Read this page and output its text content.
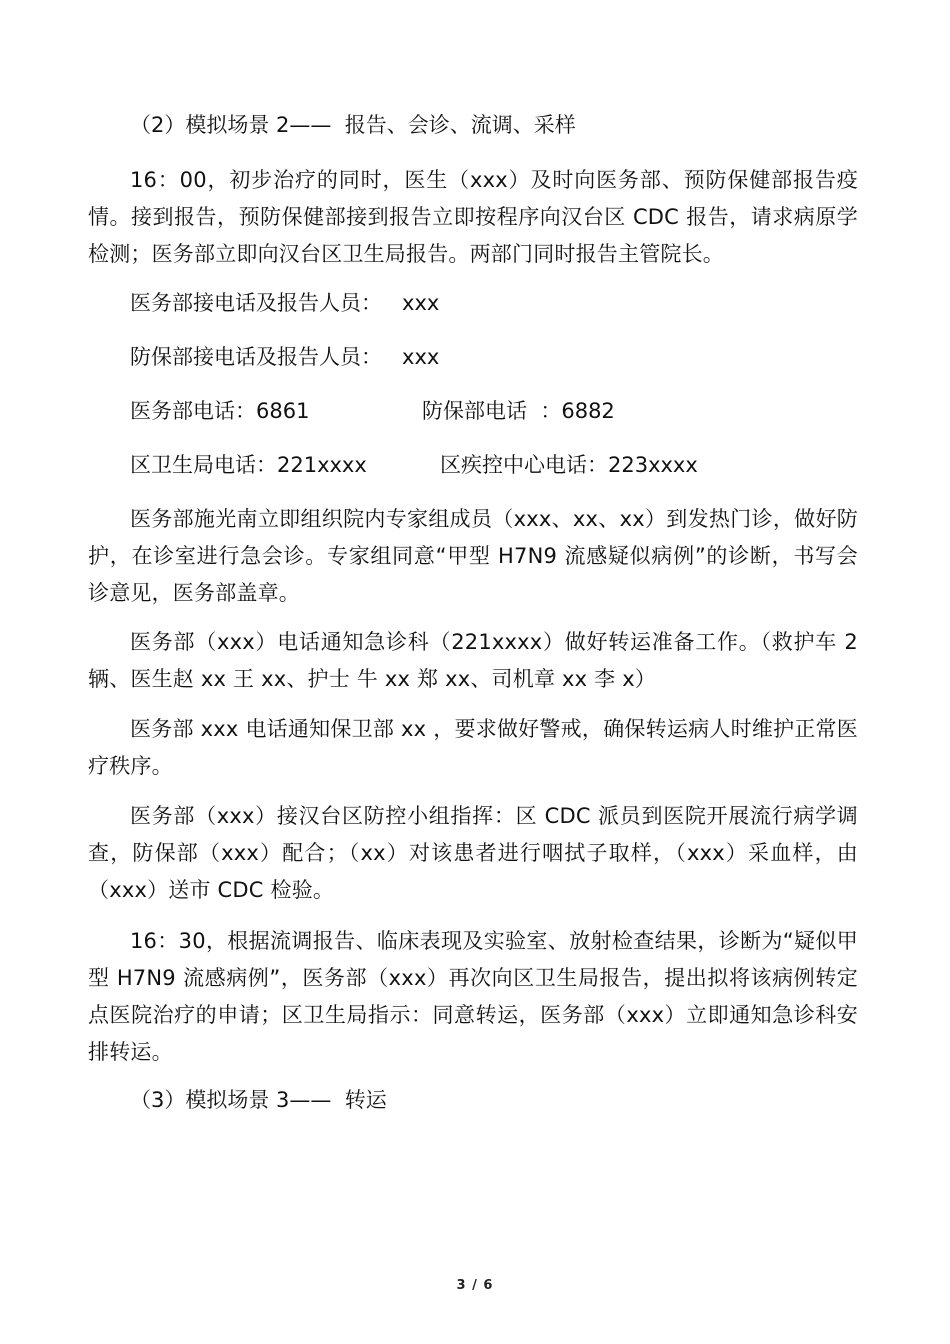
（2）模拟场景 2——  报告、会诊、流调、采样

16：00，初步治疗的同时，医生（xxx）及时向医务部、预防保健部报告疫情。接到报告，预防保健部接到报告立即按程序向汉台区 CDC 报告，请求病原学检测；医务部立即向汉台区卫生局报告。两部门同时报告主管院长。

医务部接电话及报告人员：   xxx

防保部接电话及报告人员：   xxx

医务部电话：6861	防保部电话  ：6882

区卫生局电话：221xxxx	区疾控中心电话：223xxxx

医务部施光南立即组织院内专家组成员（xxx、xx、xx）到发热门诊，做好防护，在诊室进行急会诊。专家组同意“甲型 H7N9 流感疑似病例”的诊断，书写会诊意见，医务部盖章。

医务部（xxx）电话通知急诊科（221xxxx）做好转运准备工作。（救护车 2 辆、医生赵 xx 王 xx、护士 牛 xx 郑 xx、司机章 xx 李 x）

医务部 xxx 电话通知保卫部 xx ，要求做好警戒，确保转运病人时维护正常医疗秩序。

医务部（xxx）接汉台区防控小组指挥：区 CDC 派员到医院开展流行病学调查，防保部（xxx）配合；（xx）对该患者进行咽拭子取样，（xxx）采血样，由（xxx）送市 CDC 检验。

16：30，根据流调报告、临床表现及实验室、放射检查结果，诊断为“疑似甲型 H7N9 流感病例”，医务部（xxx）再次向区卫生局报告，提出拟将该病例转定点医院治疗的申请；区卫生局指示：同意转运，医务部（xxx）立即通知急诊科安排转运。

（3）模拟场景 3——  转运

3 / 6
